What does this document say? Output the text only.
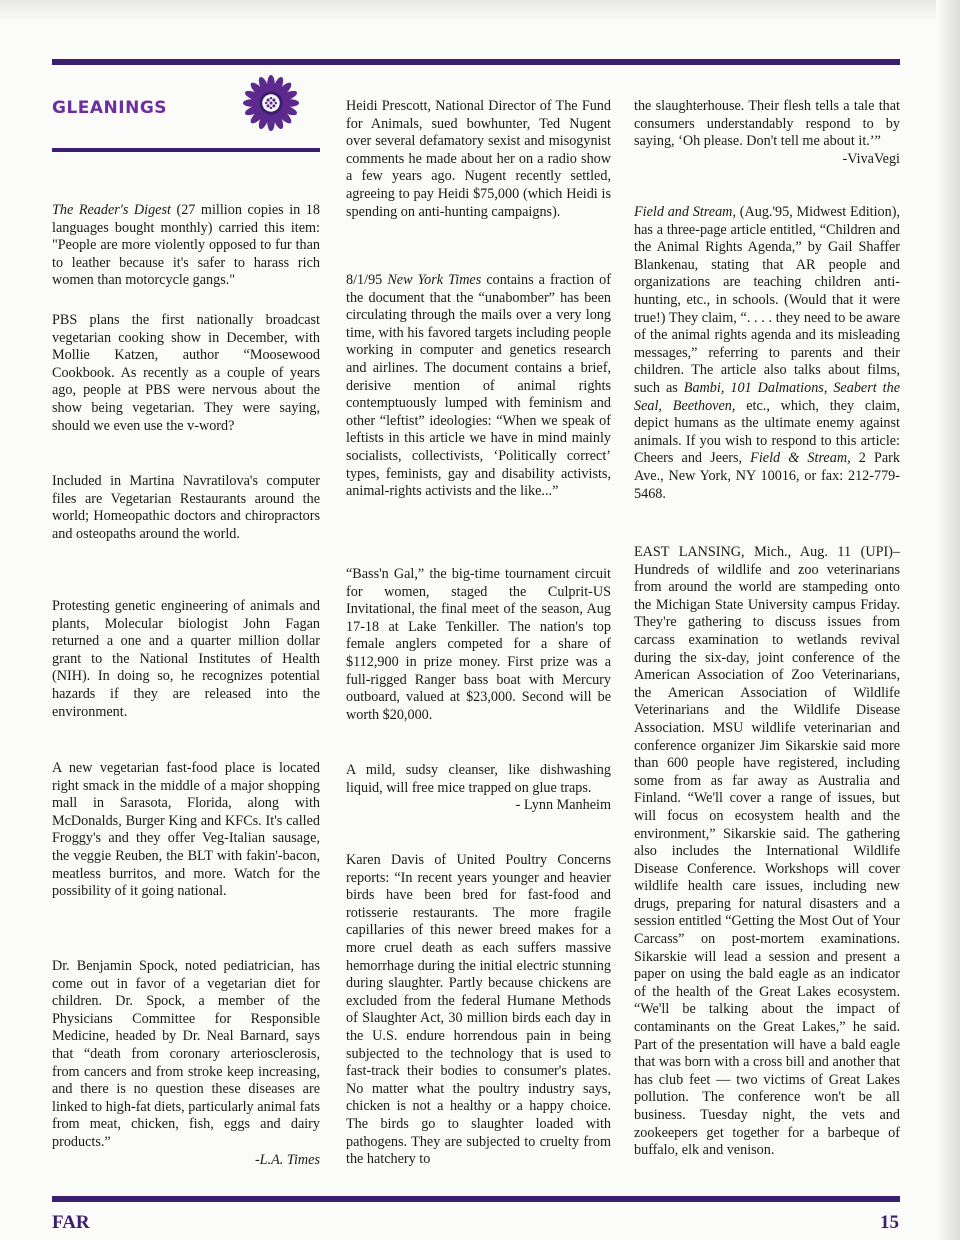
GLEANINGS

The Reader's Digest (27 million copies in 18 languages bought monthly) carried this item: "People are more violently opposed to fur than to leather because it's safer to harass rich women than motorcycle gangs."

PBS plans the first nationally broadcast vegetarian cooking show in December, with Mollie Katzen, author “Moosewood Cookbook. As recently as a couple of years ago, people at PBS were nervous about the show being vegetarian. They were saying, should we even use the v-word?

Included in Martina Navratilova's computer files are Vegetarian Restaurants around the world; Homeopathic doctors and chiropractors and osteopaths around the world.

Protesting genetic engineering of animals and plants, Molecular biologist John Fagan returned a one and a quarter million dollar grant to the National Institutes of Health (NIH). In doing so, he recognizes potential hazards if they are released into the environment.

A new vegetarian fast-food place is located right smack in the middle of a major shopping mall in Sarasota, Florida, along with McDonalds, Burger King and KFCs. It's called Froggy's and they offer Veg-Italian sausage, the veggie Reuben, the BLT with fakin'-bacon, meatless burritos, and more. Watch for the possibility of it going national.

Dr. Benjamin Spock, noted pediatrician, has come out in favor of a vegetarian diet for children. Dr. Spock, a member of the Physicians Committee for Responsible Medicine, headed by Dr. Neal Barnard, says that “death from coronary arteriosclerosis, from cancers and from stroke keep increasing, and there is no question these diseases are linked to high-fat diets, particularly animal fats from meat, chicken, fish, eggs and dairy products.”
-L.A. Times

Heidi Prescott, National Director of The Fund for Animals, sued bowhunter, Ted Nugent over several defamatory sexist and misogynist comments he made about her on a radio show a few years ago. Nugent recently settled, agreeing to pay Heidi $75,000 (which Heidi is spending on anti-hunting campaigns).

8/1/95 New York Times contains a fraction of the document that the “unabomber” has been circulating through the mails over a very long time, with his favored targets including people working in computer and genetics research and airlines. The document contains a brief, derisive mention of animal rights contemptuously lumped with feminism and other “leftist” ideologies: “When we speak of leftists in this article we have in mind mainly socialists, collectivists, ‘Politically correct’ types, feminists, gay and disability activists, animal-rights activists and the like...”

“Bass'n Gal,” the big-time tournament circuit for women, staged the Culprit-US Invitational, the final meet of the season, Aug 17-18 at Lake Tenkiller. The nation's top female anglers competed for a share of $112,900 in prize money. First prize was a full-rigged Ranger bass boat with Mercury outboard, valued at $23,000. Second will be worth $20,000.

A mild, sudsy cleanser, like dishwashing liquid, will free mice trapped on glue traps.
- Lynn Manheim

Karen Davis of United Poultry Concerns reports: “In recent years younger and heavier birds have been bred for fast-food and rotisserie restaurants. The more fragile capillaries of this newer breed makes for a more cruel death as each suffers massive hemorrhage during the initial electric stunning during slaughter. Partly because chickens are excluded from the federal Humane Methods of Slaughter Act, 30 million birds each day in the U.S. endure horrendous pain in being subjected to the technology that is used to fast-track their bodies to consumer's plates. No matter what the poultry industry says, chicken is not a healthy or a happy choice. The birds go to slaughter loaded with pathogens. They are subjected to cruelty from the hatchery to

the slaughterhouse. Their flesh tells a tale that consumers understandably respond to by saying, ‘Oh please. Don't tell me about it.’”
-VivaVegi

Field and Stream, (Aug.'95, Midwest Edition), has a three-page article entitled, “Children and the Animal Rights Agenda,” by Gail Shaffer Blankenau, stating that AR people and organizations are teaching children anti-hunting, etc., in schools. (Would that it were true!) They claim, “. . . . they need to be aware of the animal rights agenda and its misleading messages,” referring to parents and their children. The article also talks about films, such as Bambi, 101 Dalmations, Seabert the Seal, Beethoven, etc., which, they claim, depict humans as the ultimate enemy against animals. If you wish to respond to this article: Cheers and Jeers, Field & Stream, 2 Park Ave., New York, NY 10016, or fax: 212-779-5468.

EAST LANSING, Mich., Aug. 11 (UPI)– Hundreds of wildlife and zoo veterinarians from around the world are stampeding onto the Michigan State University campus Friday. They're gathering to discuss issues from carcass examination to wetlands revival during the six-day, joint conference of the American Association of Zoo Veterinarians, the American Association of Wildlife Veterinarians and the Wildlife Disease Association. MSU wildlife veterinarian and conference organizer Jim Sikarskie said more than 600 people have registered, including some from as far away as Australia and Finland. “We'll cover a range of issues, but will focus on ecosystem health and the environment,” Sikarskie said. The gathering also includes the International Wildlife Disease Conference. Workshops will cover wildlife health care issues, including new drugs, preparing for natural disasters and a session entitled “Getting the Most Out of Your Carcass” on post-mortem examinations. Sikarskie will lead a session and present a paper on using the bald eagle as an indicator of the health of the Great Lakes ecosystem. “We'll be talking about the impact of contaminants on the Great Lakes,” he said. Part of the presentation will have a bald eagle that was born with a cross bill and another that has club feet — two victims of Great Lakes pollution. The conference won't be all business. Tuesday night, the vets and zookeepers get together for a barbeque of buffalo, elk and venison.

FAR	15
